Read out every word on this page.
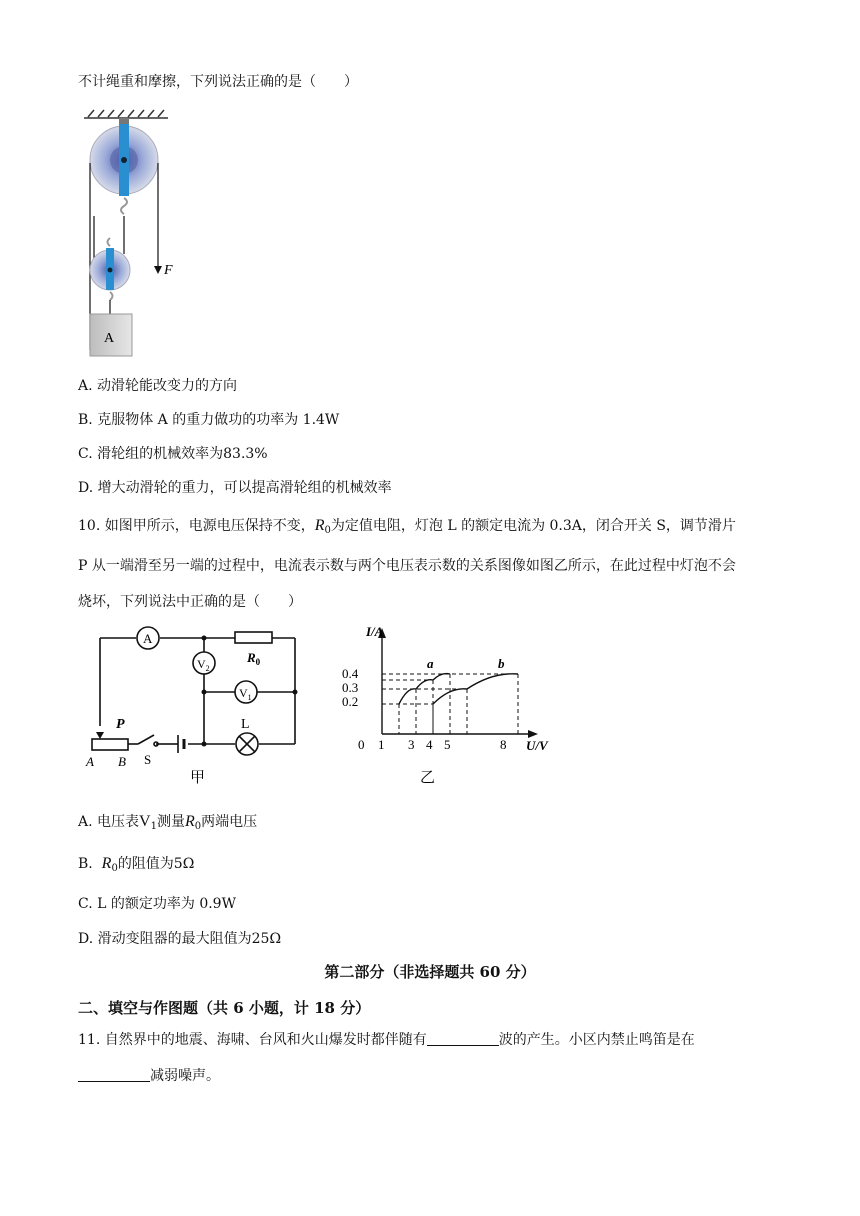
不计绳重和摩擦，下列说法正确的是（　　）
F
A
A. 动滑轮能改变力的方向
B. 克服物体 A 的重力做功的功率为 1.4W
C. 滑轮组的机械效率为83.3%
D. 增大动滑轮的重力，可以提高滑轮组的机械效率
10. 如图甲所示，电源电压保持不变，$R_0$为定值电阻，灯泡 L 的额定电流为 0.3A，闭合开关 S，调节滑片
P 从一端滑至另一端的过程中，电流表示数与两个电压表示数的关系图像如图乙所示，在此过程中灯泡不会
烧坏，下列说法中正确的是（　　）
A
$V_2$
$V_1$
$R_0$
L
P
A B S
甲
I/A
U/V
0.4
0.3
0.2
0 1 3 4 5	8
a	b
乙
A. 电压表$V_1$测量$R_0$两端电压
B. $R_0$的阻值为5Ω
C. L 的额定功率为 0.9W
D. 滑动变阻器的最大阻值为25Ω
第二部分（非选择题共 60 分）
二、填空与作图题（共 6 小题，计 18 分）
11. 自然界中的地震、海啸、台风和火山爆发时都伴随有	波的产生。小区内禁止鸣笛是在
减弱噪声。
